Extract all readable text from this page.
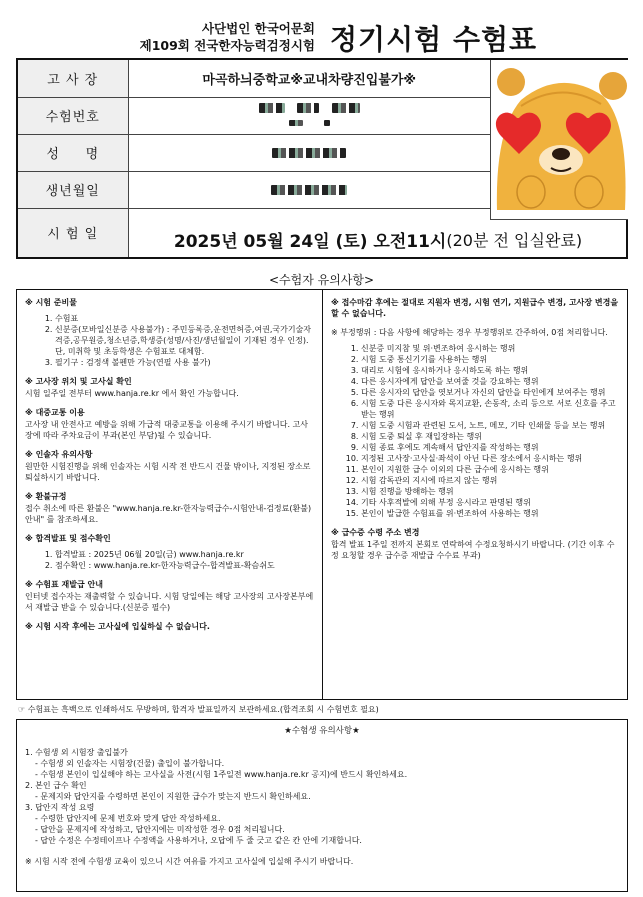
사단법인 한국어문회
제109회 전국한자능력검정시험 정기시험 수험표
고 사 장	마곡하늬중학교※교내차량진입불가※
수험번호	

성     명	
생년월일	
시 험 일		2025년 05월 24일 (토) 오전11시 (20분 전 입실완료)
<수험자 유의사항>
※ 시험 준비물
1. 수험표
2. 신분증(모바일신분증 사용불가) : 주민등록증,운전면허증,여권,국가기술자격증,공무원증,청소년증,학생증(성명/사진/생년월일이 기재된 경우 인정). 단, 미취학 및 초등학생은 수험표로 대체함.
3. 필기구 : 검정색 볼펜만 가능(연필 사용 불가)
※ 고사장 위치 및 고사실 확인

시험 일주일 전부터 www.hanja.re.kr 에서 확인 가능합니다.

※ 대중교통 이용

고사장 내 안전사고 예방을 위해 가급적 대중교통을 이용해 주시기 바랍니다. 고사장에 따라 주차요금이 부과(본인 부담)될 수 있습니다.

※ 인솔자 유의사항

원만한 시험진행을 위해 인솔자는 시험 시작 전 반드시 건물 밖이나, 지정된 장소로 퇴실하시기 바랍니다.

※ 환불규정

접수 취소에 따른 환불은 "www.hanja.re.kr-한자능력급수-시험안내-검정료(환불)안내" 를 참조하세요.

※ 합격발표 및 점수확인
1. 합격발표 : 2025년 06월 20일(금) www.hanja.re.kr
2. 점수확인 : www.hanja.re.kr-한자능력급수-합격발표-확슴쉬도
※ 수험표 재발급 안내

인터넷 접수자는 재출력할 수 있습니다. 시험 당일에는 해당 고사장의 고사장본부에서 재발급 받을 수 있습니다.(신분증 필수)

※ 시험 시작 후에는 고사실에 입실하실 수 없습니다.
※ 접수마감 후에는 절대로 지원자 변경, 시험 연기, 지원급수 변경, 고사장 변경을 할 수 없습니다.

※ 부정행위 : 다음 사항에 해당하는 경우 부정행위로 간주하여, 0점 처리합니다.

1. 신분증 미지참 및 위·변조하여 응시하는 행위
2. 시험 도중 통신기기를 사용하는 행위
3. 대리로 시험에 응시하거나 응시하도록 하는 행위
4. 다른 응시자에게 답안을 보여줄 것을 강요하는 행위
5. 다른 응시자의 답안을 엿보거나 자신의 답안을 타인에게 보여주는 행위
6. 시험 도중 다른 응시자와 목지교환, 손동작, 소리 등으로 서로 신호를 주고받는 행위
7. 시험 도중 시험과 관련된 도서, 노트, 메모, 기타 인쇄물 등을 보는 행위
8. 시험 도중 퇴실 후 재입장하는 행위
9. 시험 종료 후에도 계속해서 답안지를 작성하는 행위
10. 지정된 고사장·고사실·좌석이 아닌 다른 장소에서 응시하는 행위
11. 본인이 지원한 급수 이외의 다른 급수에 응시하는 행위
12. 시험 감독관의 지시에 따르지 않는 행위
13. 시험 진행을 방해하는 행위
14. 기타 사후적발에 의해 부정 응시라고 판명된 행위
15. 본인이 발급한 수험표를 위·변조하여 사용하는 행위
※ 급수증 수령 주소 변경

합격 발표 1주일 전까지 본회로 연락하여 수정요청하시기 바랍니다. (기간 이후 수정 요청할 경우 급수증 재발급 수수료 부과)

☞ 수험표는 흑백으로 인쇄하셔도 무방하며, 합격자 발표일까지 보관하세요.(합격조회 시 수험번호 필요)
★수험생 유의사항★
1. 수험생 외 시험장 출입불가
- 수험생 외 인솔자는 시험장(건물) 출입이 불가합니다.
- 수험생 본인이 입실해야 하는 고사실을 사전(시험 1주일전 www.hanja.re.kr 공지)에 반드시 확인하세요.
2. 본인 급수 확인
- 문제지와 답안지를 수령하면 본인이 지원한 급수가 맞는지 반드시 확인하세요.
3. 답안지 작성 요령
- 수령한 답안지에 문제 번호와 맞게 답안 작성하세요.
- 답안을 문제지에 작성하고, 답안지에는 미작성한 경우 0점 처리됩니다.
- 답안 수정은 수정테이프나 수정액을 사용하거나, 오답에 두 줄 긋고 같은 칸 안에 기재합니다.
※ 시험 시작 전에 수험생 교육이 있으니 시간 여유를 가지고 고사실에 입실해 주시기 바랍니다.
